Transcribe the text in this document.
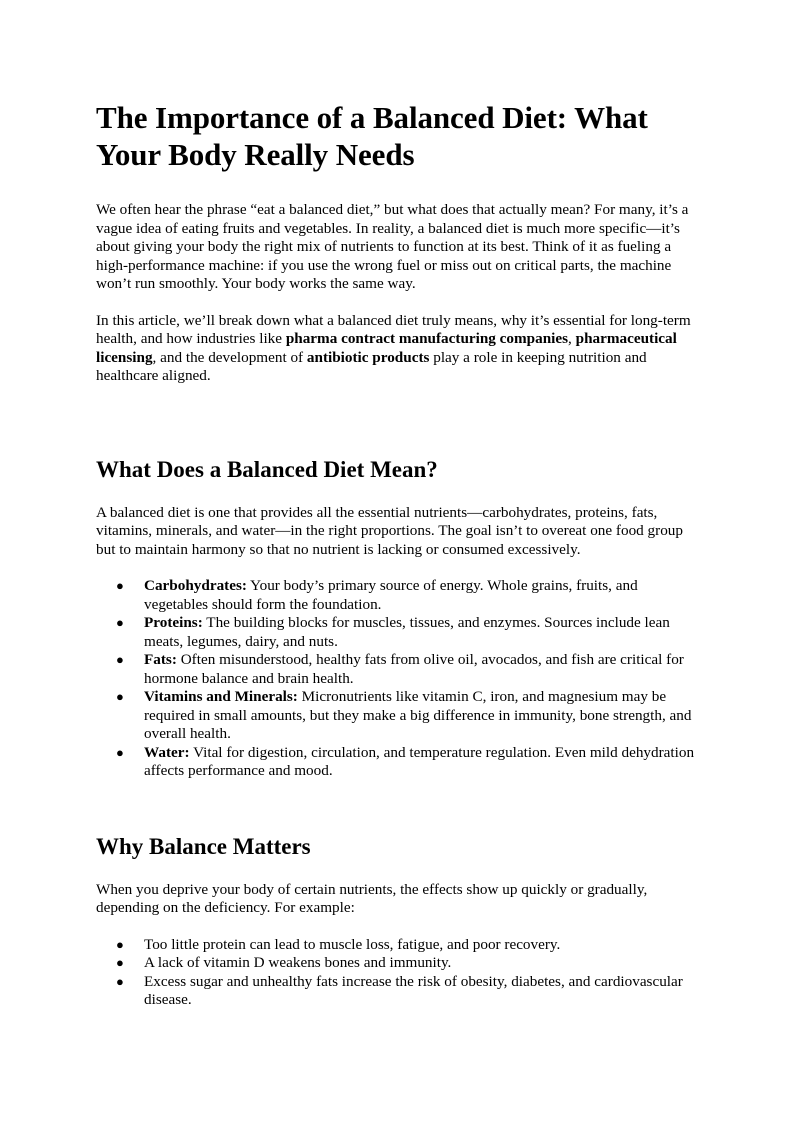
The Importance of a Balanced Diet: What Your Body Really Needs

We often hear the phrase “eat a balanced diet,” but what does that actually mean? For many, it’s a vague idea of eating fruits and vegetables. In reality, a balanced diet is much more specific—it’s about giving your body the right mix of nutrients to function at its best. Think of it as fueling a high-performance machine: if you use the wrong fuel or miss out on critical parts, the machine won’t run smoothly. Your body works the same way.

In this article, we’ll break down what a balanced diet truly means, why it’s essential for long-term health, and how industries like pharma contract manufacturing companies, pharmaceutical licensing, and the development of antibiotic products play a role in keeping nutrition and healthcare aligned.

What Does a Balanced Diet Mean?

A balanced diet is one that provides all the essential nutrients—carbohydrates, proteins, fats, vitamins, minerals, and water—in the right proportions. The goal isn’t to overeat one food group but to maintain harmony so that no nutrient is lacking or consumed excessively.

● Carbohydrates: Your body’s primary source of energy. Whole grains, fruits, and vegetables should form the foundation.
● Proteins: The building blocks for muscles, tissues, and enzymes. Sources include lean meats, legumes, dairy, and nuts.
● Fats: Often misunderstood, healthy fats from olive oil, avocados, and fish are critical for hormone balance and brain health.
● Vitamins and Minerals: Micronutrients like vitamin C, iron, and magnesium may be required in small amounts, but they make a big difference in immunity, bone strength, and overall health.
● Water: Vital for digestion, circulation, and temperature regulation. Even mild dehydration affects performance and mood.
Why Balance Matters

When you deprive your body of certain nutrients, the effects show up quickly or gradually, depending on the deficiency. For example:

● Too little protein can lead to muscle loss, fatigue, and poor recovery.
● A lack of vitamin D weakens bones and immunity.
● Excess sugar and unhealthy fats increase the risk of obesity, diabetes, and cardiovascular disease.
